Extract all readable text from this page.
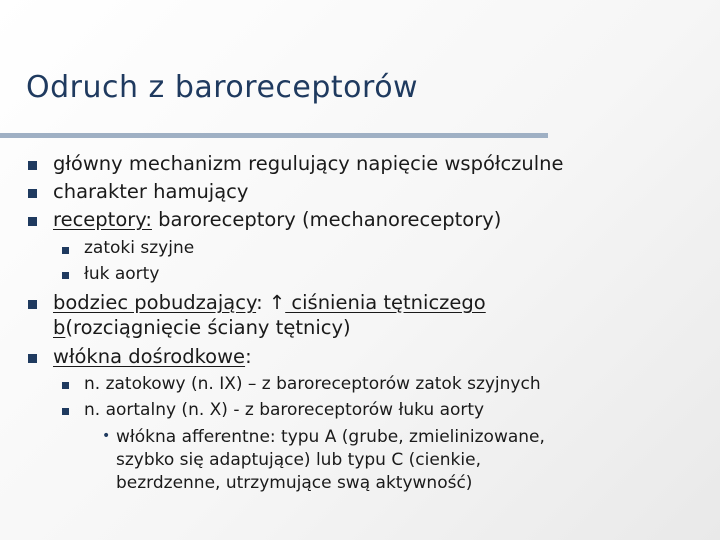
Odruch z baroreceptorów
główny mechanizm regulujący napięcie współczulne
charakter hamujący
receptory: baroreceptory (mechanoreceptory)
zatoki szyjne
łuk aorty
bodziec pobudzający: ↑ ciśnienia tętniczego
b(rozciągnięcie ściany tętnicy)
włókna dośrodkowe:
n. zatokowy (n. IX) – z baroreceptorów zatok szyjnych
n. aortalny (n. X) - z baroreceptorów łuku aorty
• włókna afferentne: typu A (grube, zmielinizowane,
szybko się adaptujące) lub typu C (cienkie,
bezrdzenne, utrzymujące swą aktywność)
